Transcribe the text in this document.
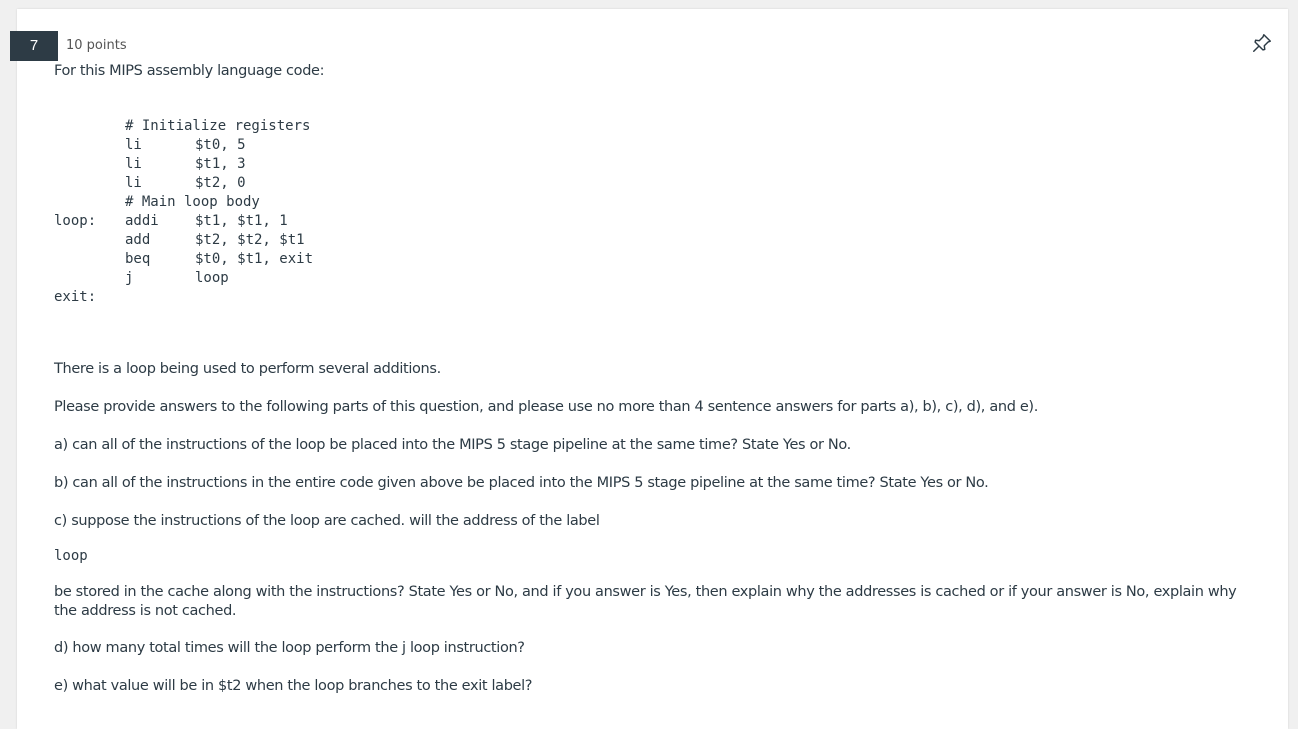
7	10 points
For this MIPS assembly language code:
# Initialize registers
li	$t0, 5
li	$t1, 3
li	$t2, 0
# Main loop body
loop:	addi	$t1, $t1, 1
add	$t2, $t2, $t1
beq	$t0, $t1, exit
j	loop
exit:
There is a loop being used to perform several additions.
Please provide answers to the following parts of this question, and please use no more than 4 sentence answers for parts a), b), c), d), and e).
a) can all of the instructions of the loop be placed into the MIPS 5 stage pipeline at the same time? State Yes or No.
b) can all of the instructions in the entire code given above be placed into the MIPS 5 stage pipeline at the same time? State Yes or No.
c) suppose the instructions of the loop are cached. will the address of the label
loop
be stored in the cache along with the instructions? State Yes or No, and if you answer is Yes, then explain why the addresses is cached or if your answer is No, explain why the address is not cached.
d) how many total times will the loop perform the j loop instruction?
e) what value will be in $t2 when the loop branches to the exit label?
